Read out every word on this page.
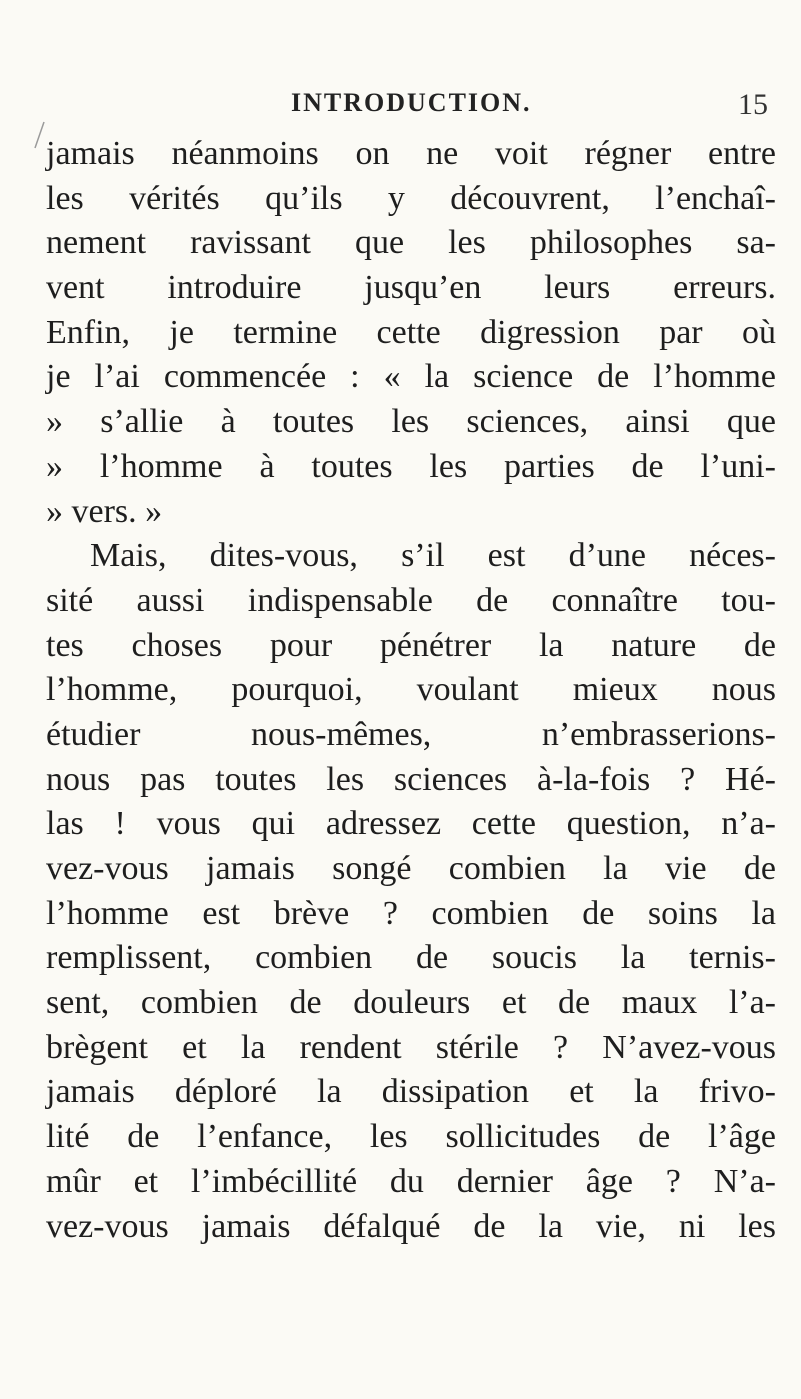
INTRODUCTION.	15
jamais néanmoins on ne voit régner entre
les vérités qu’ils y découvrent, l’enchaî-
nement ravissant que les philosophes sa-
vent introduire jusqu’en leurs erreurs.
Enfin, je termine cette digression par où
je l’ai commencée : « la science de l’homme
» s’allie à toutes les sciences, ainsi que
» l’homme à toutes les parties de l’uni-
» vers. »
Mais, dites-vous, s’il est d’une néces-
sité aussi indispensable de connaître tou-
tes choses pour pénétrer la nature de
l’homme, pourquoi, voulant mieux nous
étudier nous-mêmes, n’embrasserions-
nous pas toutes les sciences à-la-fois ? Hé-
las ! vous qui adressez cette question, n’a-
vez-vous jamais songé combien la vie de
l’homme est brève ? combien de soins la
remplissent, combien de soucis la ternis-
sent, combien de douleurs et de maux l’a-
brègent et la rendent stérile ? N’avez-vous
jamais déploré la dissipation et la frivo-
lité de l’enfance, les sollicitudes de l’âge
mûr et l’imbécillité du dernier âge ? N’a-
vez-vous jamais défalqué de la vie, ni les
